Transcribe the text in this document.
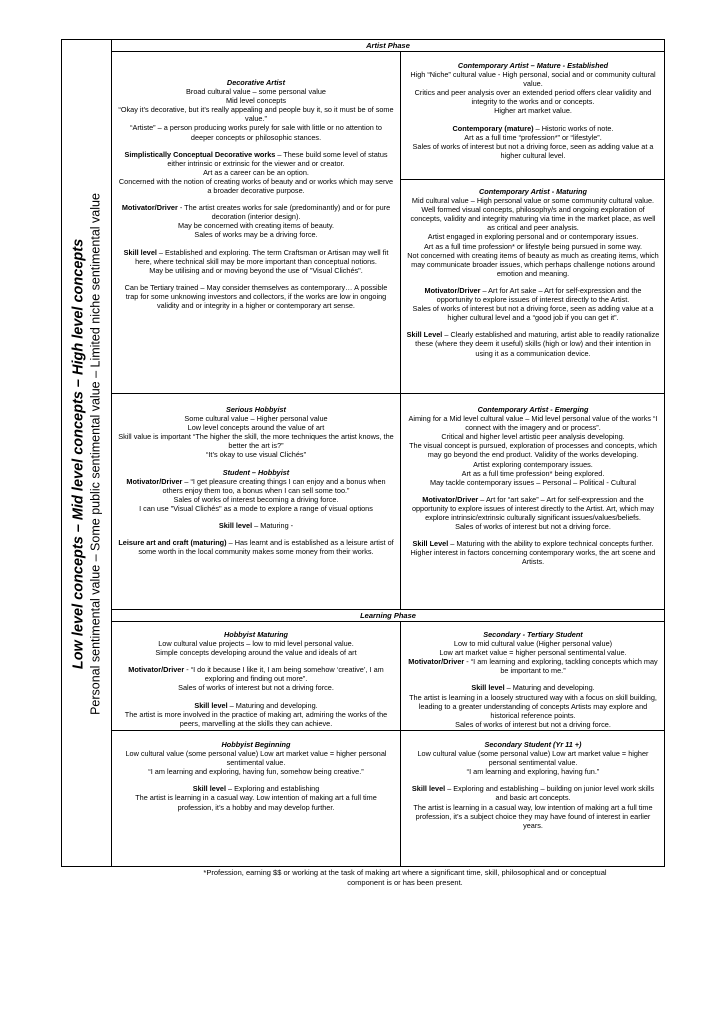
Low level concepts – Mid level concepts – High level concepts Personal sentimental value – Some public sentimental value – Limited niche sentimental value
Artist Phase
Learning Phase

Decorative Artist

Broad cultural value – some personal value

Mid level concepts

“Okay it’s decorative, but it’s really appealing and people buy it, so it must be of some value.”

“Artiste” – a person producing works purely for sale with little or no attention to deeper concepts or philosophic stances.

Simplistically Conceptual Decorative works – These build some level of status either intrinsic or extrinsic for the viewer and or creator.

Art as a career can be an option.

Concerned with the notion of creating works of beauty and or works which may serve a broader decorative purpose.

Motivator/Driver - The artist creates works for sale (predominantly) and or for pure decoration (interior design).

May be concerned with creating items of beauty.

Sales of works may be a driving force.

Skill level – Established and exploring. The term Craftsman or Artisan may well fit here, where technical skill may be more important than conceptual notions.

May be utilising and or moving beyond the use of "Visual Clichés".

Can be Tertiary trained – May consider themselves as contemporary… A possible trap for some unknowing investors and collectors, if the works are low in ongoing validity and or integrity in a higher or contemporary art sense.

Contemporary Artist – Mature - Established

High “Niche” cultural value - High personal, social and or community cultural value.

Critics and peer analysis over an extended period offers clear validity and integrity to the works and or concepts.

Higher art market value.

Contemporary (mature) – Historic works of note.

Art as a full time “profession*” or “lifestyle”.

Sales of works of interest but not a driving force, seen as adding value at a higher cultural level.

Contemporary Artist - Maturing

Mid cultural value – High personal value or some community cultural value.

Well formed visual concepts, philosophy/s and ongoing exploration of concepts, validity and integrity maturing via time in the market place, as well as critical and peer analysis.

Artist engaged in exploring personal and or contemporary issues.

Art as a full time profession* or lifestyle being pursued in some way.

Not concerned with creating items of beauty as much as creating items, which may communicate broader issues, which perhaps challenge notions around emotion and meaning.

Motivator/Driver – Art for Art sake – Art for self-expression and the opportunity to explore issues of interest directly to the Artist.

Sales of works of interest but not a driving force, seen as adding value at a higher cultural level and a “good job if you can get it”.

Skill Level – Clearly established and maturing, artist able to readily rationalize these (where they deem it useful) skills (high or low) and their intention in using it as a communication device.

Serious Hobbyist

Some cultural value – Higher personal value

Low level concepts around the value of art

Skill value is important “The higher the skill, the more techniques the artist knows, the better the art is?”

“It’s okay to use visual Clichés”

Student – Hobbyist

Motivator/Driver – “I get pleasure creating things I can enjoy and a bonus when others enjoy them too, a bonus when I can sell some too.”

Sales of works of interest becoming a driving force.

I can use "Visual Clichés" as a mode to explore a range of visual options

Skill level – Maturing -

Leisure art and craft (maturing) – Has learnt and is established as a leisure artist of some worth in the local community makes some money from their works.

Contemporary Artist - Emerging

Aiming for a Mid level cultural value – Mid level personal value of the works “I connect with the imagery and or process”.

Critical and higher level artistic peer analysis developing.

The visual concept is pursued, exploration of processes and concepts, which may go beyond the end product. Validity of the works developing.

Artist exploring contemporary issues.

Art as a full time profession* being explored.

May tackle contemporary issues – Personal – Political - Cultural

Motivator/Driver – Art for “art sake” – Art for self-expression and the opportunity to explore issues of interest directly to the Artist. Art, which may explore intrinsic/extrinsic culturally significant issues/values/beliefs.

Sales of works of interest but not a driving force.

Skill Level – Maturing with the ability to explore technical concepts further. Higher interest in factors concerning contemporary works, the art scene and Artists.

Hobbyist Maturing

Low cultural value projects – low to mid level personal value.

Simple concepts developing around the value and ideals of art

Motivator/Driver - “I do it because I like it, I am being somehow ‘creative’, I am exploring and finding out more”.

Sales of works of interest but not a driving force.

Skill level – Maturing and developing.

The artist is more involved in the practice of making art, admiring the works of the peers, marvelling at the skills they can achieve.

Secondary - Tertiary Student

Low to mid cultural value (Higher personal value)

Low art market value = higher personal sentimental value.

Motivator/Driver - “I am learning and exploring, tackling concepts which may be important to me.”

Skill level – Maturing and developing.

The artist is learning in a loosely structured way with a focus on skill building, leading to a greater understanding of concepts Artists may explore and historical reference points.

Sales of works of interest but not a driving force.

Hobbyist Beginning

Low cultural value (some personal value) Low art market value = higher personal sentimental value.

“I am learning and exploring, having fun, somehow being creative.”

Skill level – Exploring and establishing

The artist is learning in a casual way. Low intention of making art a full time profession, it’s a hobby and may develop further.

Secondary Student (Yr 11 +)

Low cultural value (some personal value) Low art market value = higher personal sentimental value.

“I am learning and exploring, having fun.”

Skill level – Exploring and establishing – building on junior level work skills and basic art concepts.

The artist is learning in a casual way, low intention of making art a full time profession, it’s a subject choice they may have found of interest in earlier years.

*Profession, earning $$ or working at the task of making art where a significant time, skill, philosophical and or conceptual component is or has been present.
